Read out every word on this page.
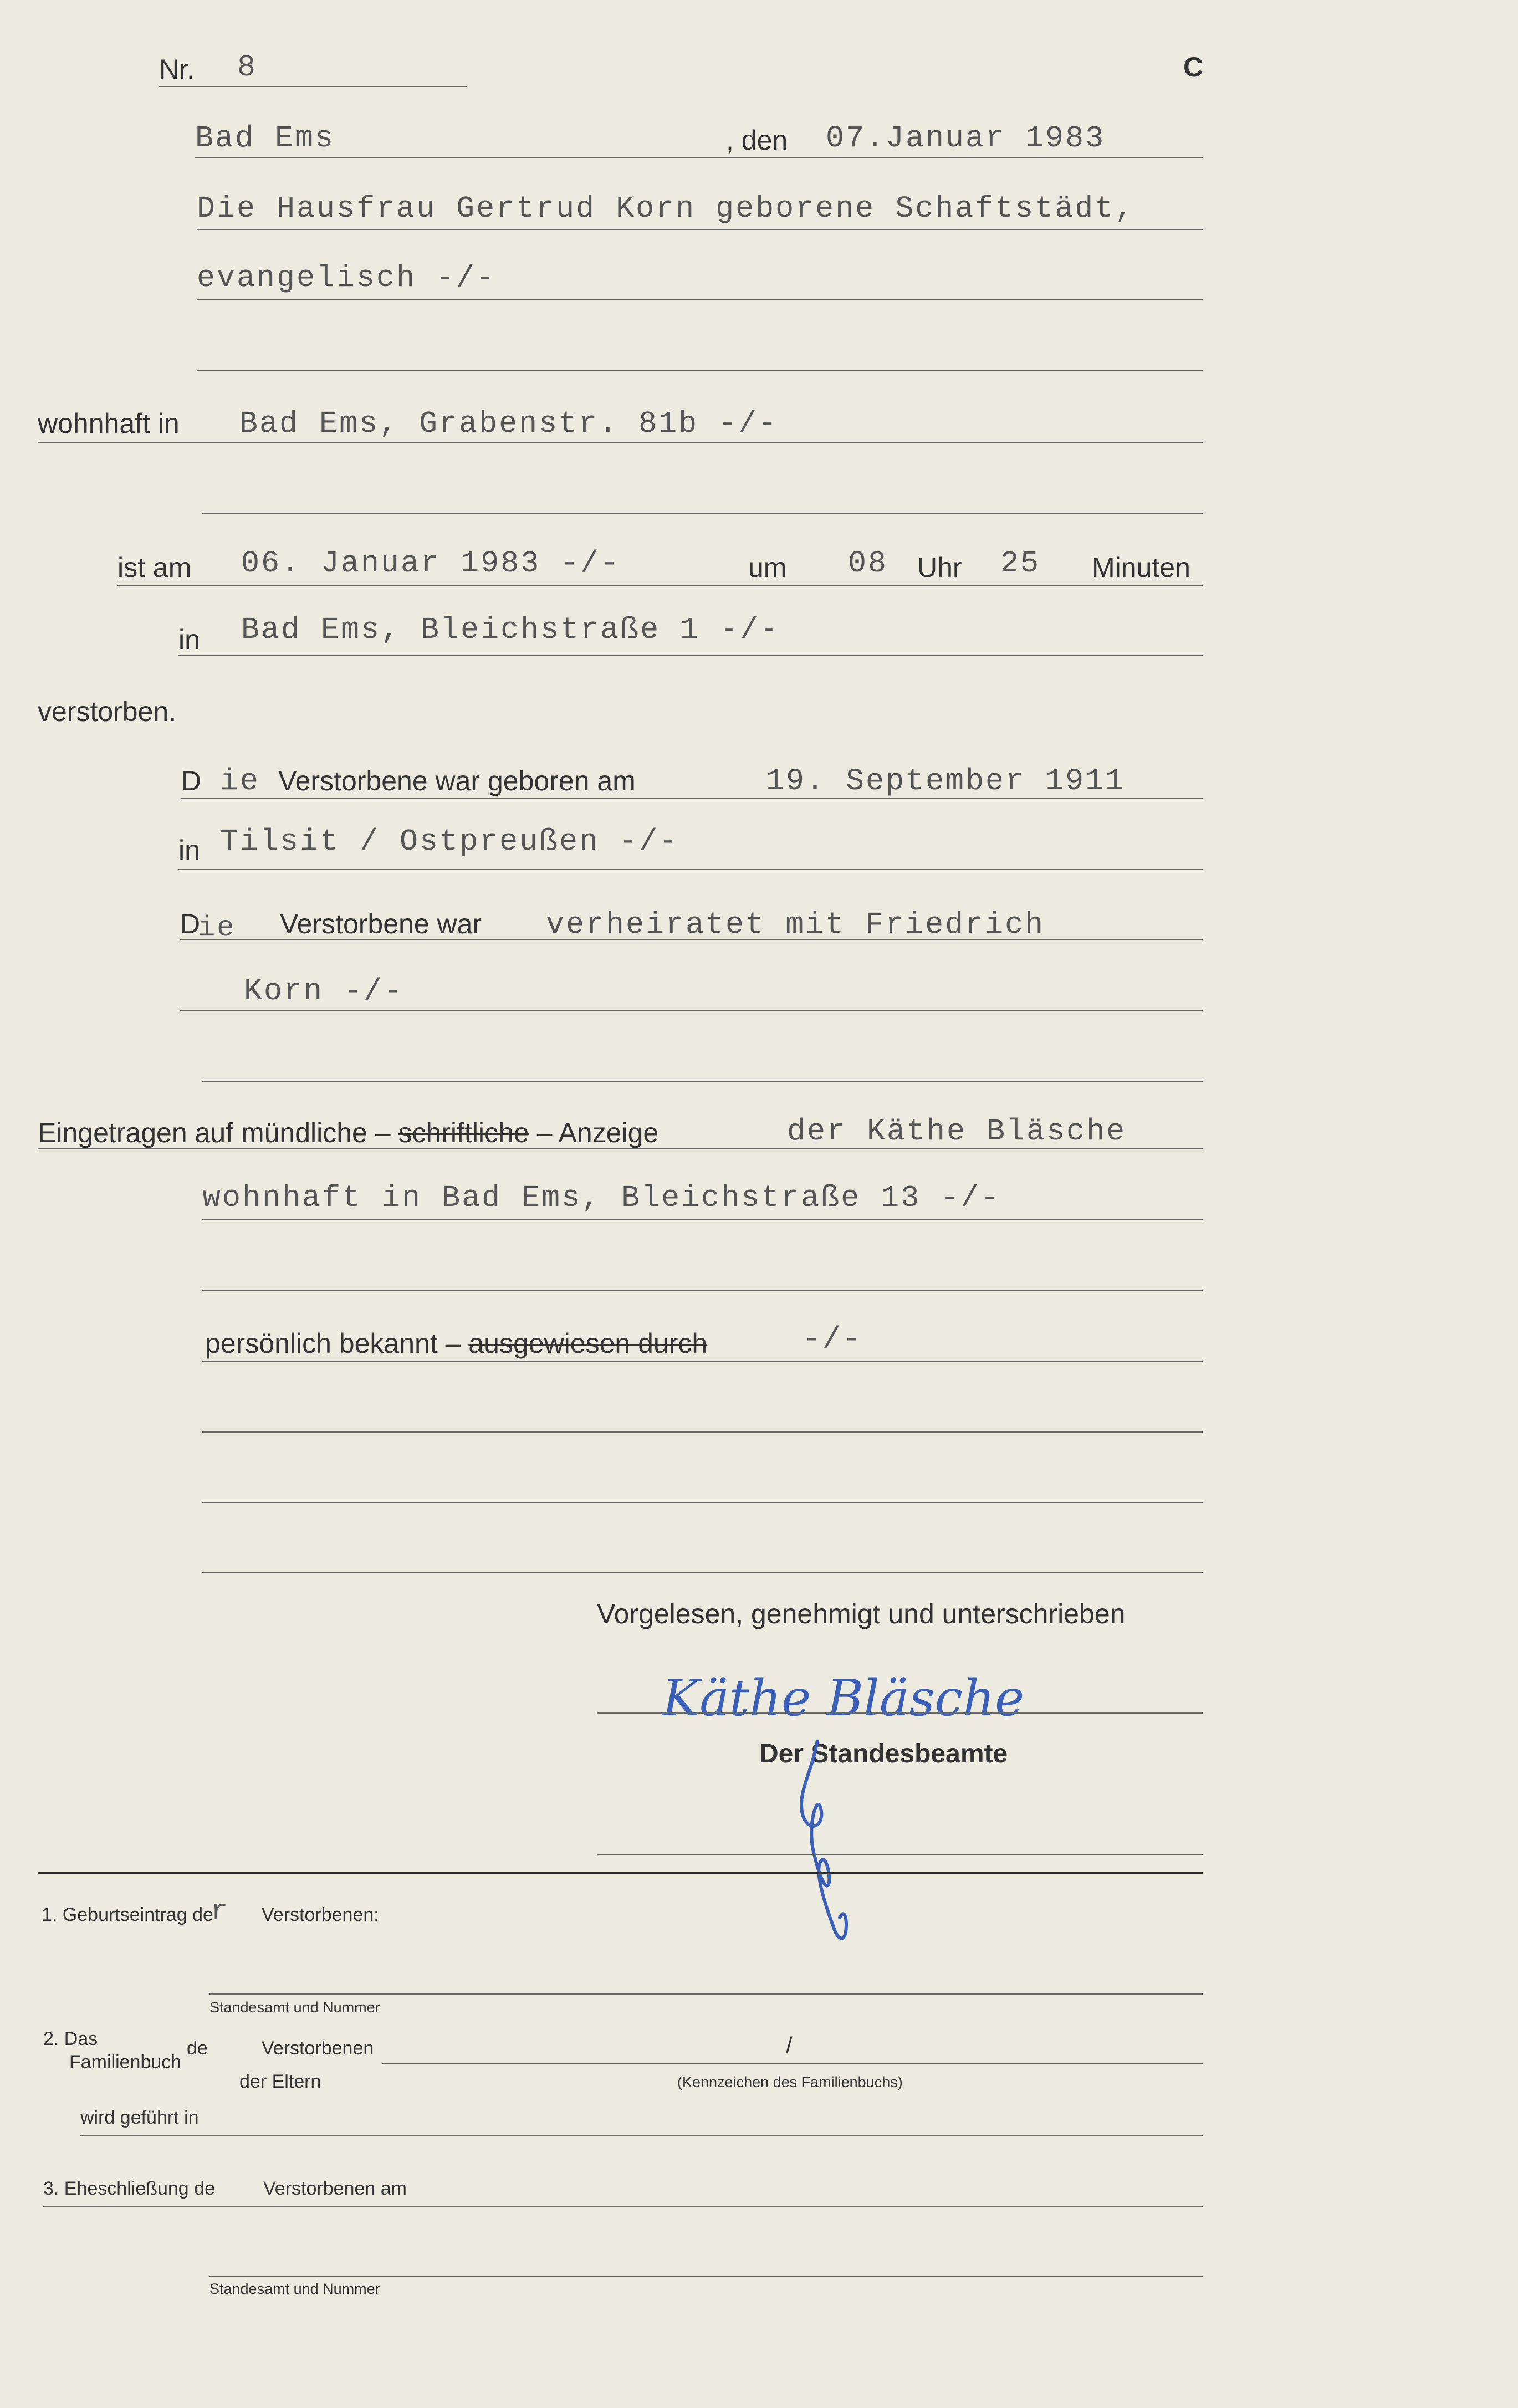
Nr. 8	C
Bad Ems	, den 07.Januar 1983
Die Hausfrau Gertrud Korn geborene Schaftstädt,
evangelisch -/-
wohnhaft in Bad Ems, Grabenstr. 81b -/-
ist am 06. Januar 1983 -/-	um 08 Uhr 25 Minuten
in Bad Ems, Bleichstraße 1 -/-
verstorben.
D ie Verstorbene war geboren am	19. September 1911
in Tilsit / Ostpreußen -/-
D
ie Verstorbene war verheiratet mit Friedrich
Korn -/-
Eingetragen auf mündliche – schriftliche – Anzeige	der Käthe Bläsche
wohnhaft in Bad Ems, Bleichstraße 13 -/-
persönlich bekannt – ausgewiesen durch	-/-
Vorgelesen, genehmigt und unterschrieben
Käthe Bläsche
Der Standesbeamte
1. Geburtseintrag de
r Verstorbenen:
Standesamt und Nummer
2. Das
Familienbuch
de	Verstorbenen	/
der Eltern	(Kennzeichen des Familienbuchs)
wird geführt in
3. Eheschließung de	Verstorbenen am
Standesamt und Nummer
